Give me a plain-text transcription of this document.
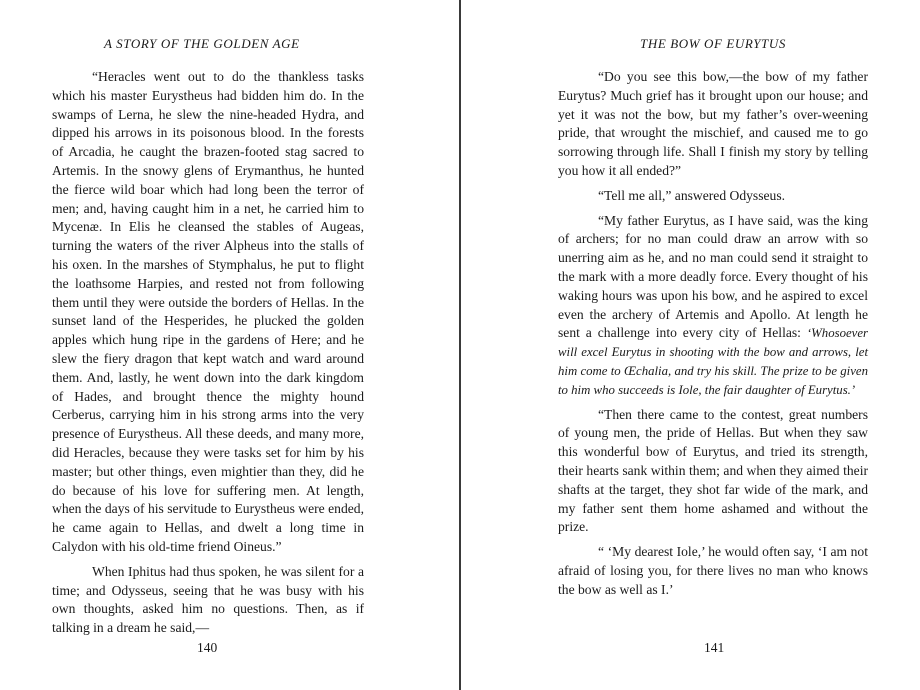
A STORY OF THE GOLDEN AGE

“Heracles went out to do the thankless tasks which his master Eurystheus had bidden him do. In the swamps of Lerna, he slew the nine-headed Hydra, and dipped his arrows in its poisonous blood. In the forests of Arcadia, he caught the brazen-footed stag sacred to Artemis. In the snowy glens of Erymanthus, he hunted the fierce wild boar which had long been the terror of men; and, having caught him in a net, he carried him to Mycenæ. In Elis he cleansed the stables of Augeas, turning the waters of the river Alpheus into the stalls of his oxen. In the marshes of Stymphalus, he put to flight the loathsome Harpies, and rested not from following them until they were outside the borders of Hellas. In the sunset land of the Hesperides, he plucked the golden apples which hung ripe in the gardens of Here; and he slew the fiery dragon that kept watch and ward around them. And, lastly, he went down into the dark kingdom of Hades, and brought thence the mighty hound Cerberus, carrying him in his strong arms into the very presence of Eurystheus. All these deeds, and many more, did Heracles, because they were tasks set for him by his master; but other things, even mightier than they, did he do because of his love for suffering men. At length, when the days of his servitude to Eurystheus were ended, he came again to Hellas, and dwelt a long time in Calydon with his old-time friend Oineus.”

When Iphitus had thus spoken, he was silent for a time; and Odysseus, seeing that he was busy with his own thoughts, asked him no questions. Then, as if talking in a dream he said,—

140
THE BOW OF EURYTUS

“Do you see this bow,—the bow of my father Eurytus? Much grief has it brought upon our house; and yet it was not the bow, but my father’s over-weening pride, that wrought the mischief, and caused me to go sorrowing through life. Shall I finish my story by telling you how it all ended?”

“Tell me all,” answered Odysseus.

“My father Eurytus, as I have said, was the king of archers; for no man could draw an arrow with so unerring aim as he, and no man could send it straight to the mark with a more deadly force. Every thought of his waking hours was upon his bow, and he aspired to excel even the archery of Artemis and Apollo. At length he sent a challenge into every city of Hellas: ‘Whosoever will excel Eurytus in shooting with the bow and arrows, let him come to Œchalia, and try his skill. The prize to be given to him who succeeds is Iole, the fair daughter of Eurytus.’

“Then there came to the contest, great numbers of young men, the pride of Hellas. But when they saw this wonderful bow of Eurytus, and tried its strength, their hearts sank within them; and when they aimed their shafts at the target, they shot far wide of the mark, and my father sent them home ashamed and without the prize.

“ ‘My dearest Iole,’ he would often say, ‘I am not afraid of losing you, for there lives no man who knows the bow as well as I.’

141
